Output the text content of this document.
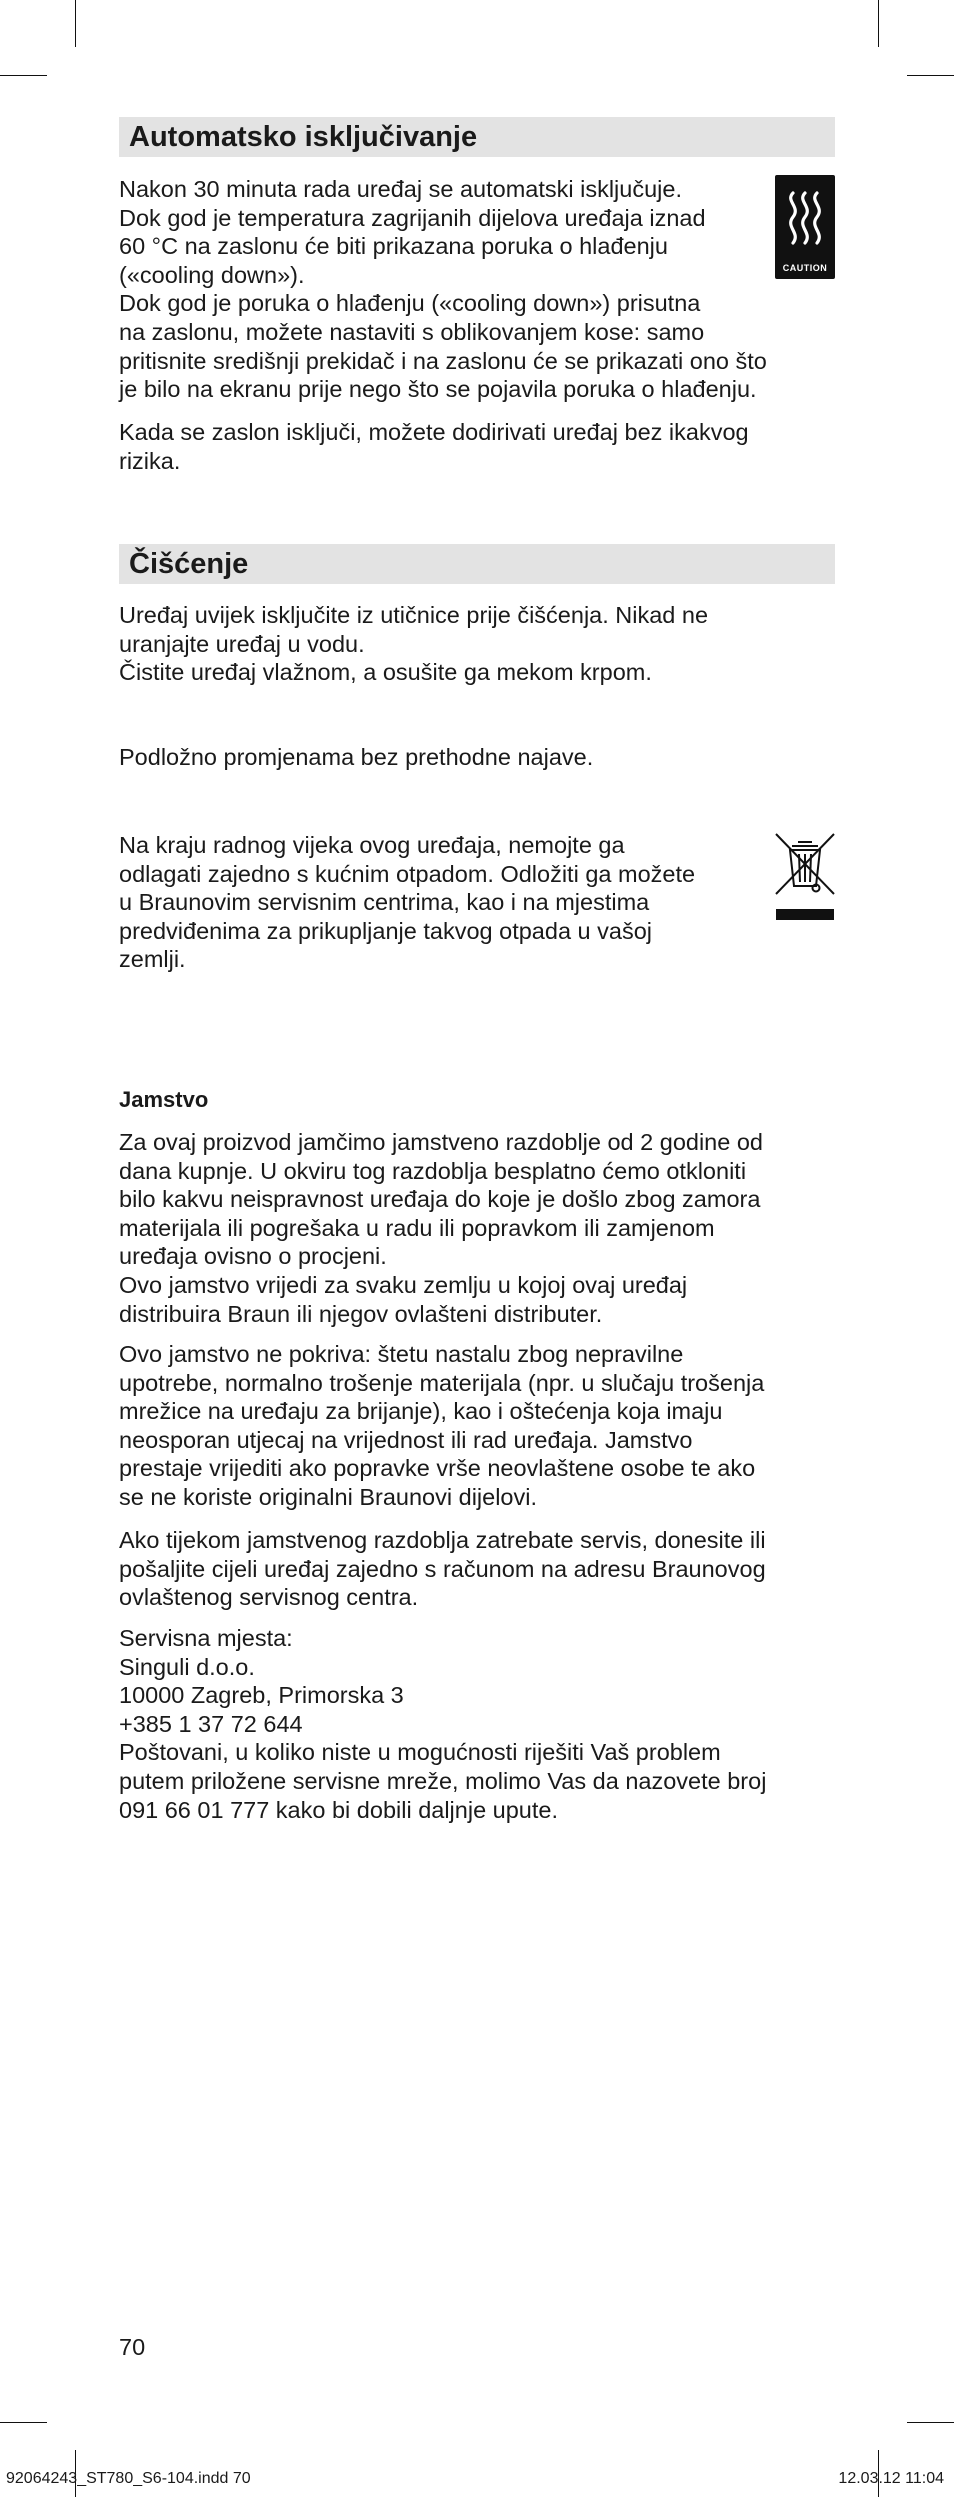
Automatsko isključivanje
Nakon 30 minuta rada uređaj se automatski isključuje.
Dok god je temperatura zagrijanih dijelova uređaja iznad
60 °C na zaslonu će biti prikazana poruka o hlađenju
(«cooling down»).
Dok god je poruka o hlađenju («cooling down») prisutna
na zaslonu, možete nastaviti s oblikovanjem kose: samo
pritisnite središnji prekidač i na zaslonu će se prikazati ono što
je bilo na ekranu prije nego što se pojavila poruka o hlađenju.
Kada se zaslon isključi, možete dodirivati uređaj bez ikakvog
rizika.
Čišćenje
Uređaj uvijek isključite iz utičnice prije čišćenja. Nikad ne
uranjajte uređaj u vodu.
Čistite uređaj vlažnom, a osušite ga mekom krpom.
Podložno promjenama bez prethodne najave.
Na kraju radnog vijeka ovog uređaja, nemojte ga
odlagati zajedno s kućnim otpadom. Odložiti ga možete
u Braunovim servisnim centrima, kao i na mjestima
predviđenima za prikupljanje takvog otpada u vašoj
zemlji.
Jamstvo
Za ovaj proizvod jamčimo jamstveno razdoblje od 2 godine od
dana kupnje. U okviru tog razdoblja besplatno ćemo otkloniti
bilo kakvu neispravnost uređaja do koje je došlo zbog zamora
materijala ili pogrešaka u radu ili popravkom ili zamjenom
uređaja ovisno o procjeni.
Ovo jamstvo vrijedi za svaku zemlju u kojoj ovaj uređaj
distribuira Braun ili njegov ovlašteni distributer.
Ovo jamstvo ne pokriva: štetu nastalu zbog nepravilne
upotrebe, normalno trošenje materijala (npr. u slučaju trošenja
mrežice na uređaju za brijanje), kao i oštećenja koja imaju
neosporan utjecaj na vrijednost ili rad uređaja. Jamstvo
prestaje vrijediti ako popravke vrše neovlaštene osobe te ako
se ne koriste originalni Braunovi dijelovi.
Ako tijekom jamstvenog razdoblja zatrebate servis, donesite ili
pošaljite cijeli uređaj zajedno s računom na adresu Braunovog
ovlaštenog servisnog centra.
Servisna mjesta:
Singuli d.o.o.
10000 Zagreb, Primorska 3
+385 1 37 72 644
Poštovani, u koliko niste u mogućnosti riješiti Vaš problem
putem priložene servisne mreže, molimo Vas da nazovete broj
091 66 01 777 kako bi dobili daljnje upute.
CAUTION
70
92064243_ST780_S6-104.indd 70	12.03.12 11:04
